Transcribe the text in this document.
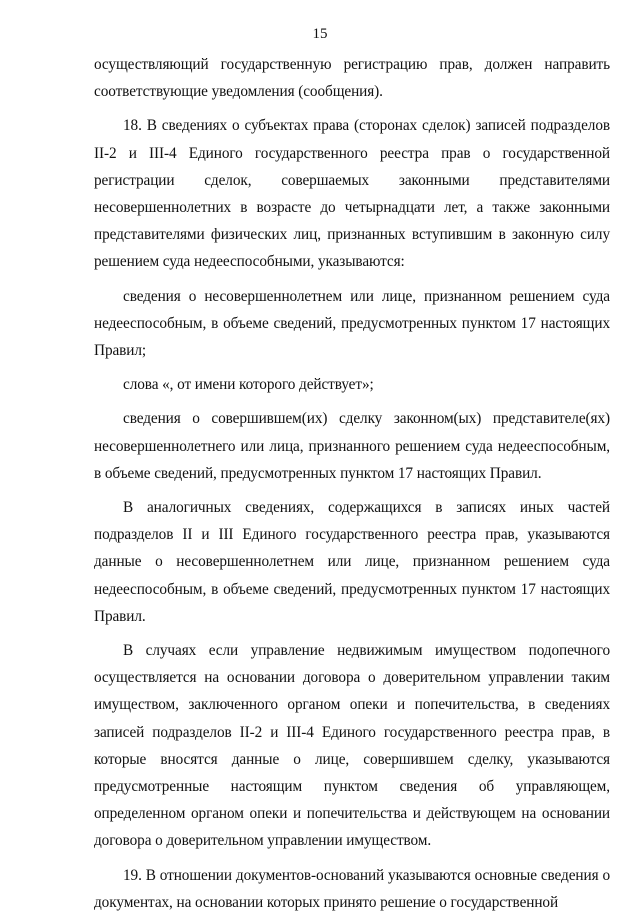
15

осуществляющий государственную регистрацию прав, должен направить соответствующие уведомления (сообщения).

18. В сведениях о субъектах права (сторонах сделок) записей подразделов II-2 и III-4 Единого государственного реестра прав о государственной регистрации сделок, совершаемых законными представителями несовершеннолетних в возрасте до четырнадцати лет, а также законными представителями физических лиц, признанных вступившим в законную силу решением суда недееспособными, указываются:

сведения о несовершеннолетнем или лице, признанном решением суда недееспособным, в объеме сведений, предусмотренных пунктом 17 настоящих Правил;

слова «, от имени которого действует»;

сведения о совершившем(их) сделку законном(ых) представителе(ях) несовершеннолетнего или лица, признанного решением суда недееспособным, в объеме сведений, предусмотренных пунктом 17 настоящих Правил.

В аналогичных сведениях, содержащихся в записях иных частей подразделов II и III Единого государственного реестра прав, указываются данные о несовершеннолетнем или лице, признанном решением суда недееспособным, в объеме сведений, предусмотренных пунктом 17 настоящих Правил.

В случаях если управление недвижимым имуществом подопечного осуществляется на основании договора о доверительном управлении таким имуществом, заключенного органом опеки и попечительства, в сведениях записей подразделов II-2 и III-4 Единого государственного реестра прав, в которые вносятся данные о лице, совершившем сделку, указываются предусмотренные настоящим пунктом сведения об управляющем, определенном органом опеки и попечительства и действующем на основании договора о доверительном управлении имуществом.

19. В отношении документов-оснований указываются основные сведения о документах, на основании которых принято решение о государственной
